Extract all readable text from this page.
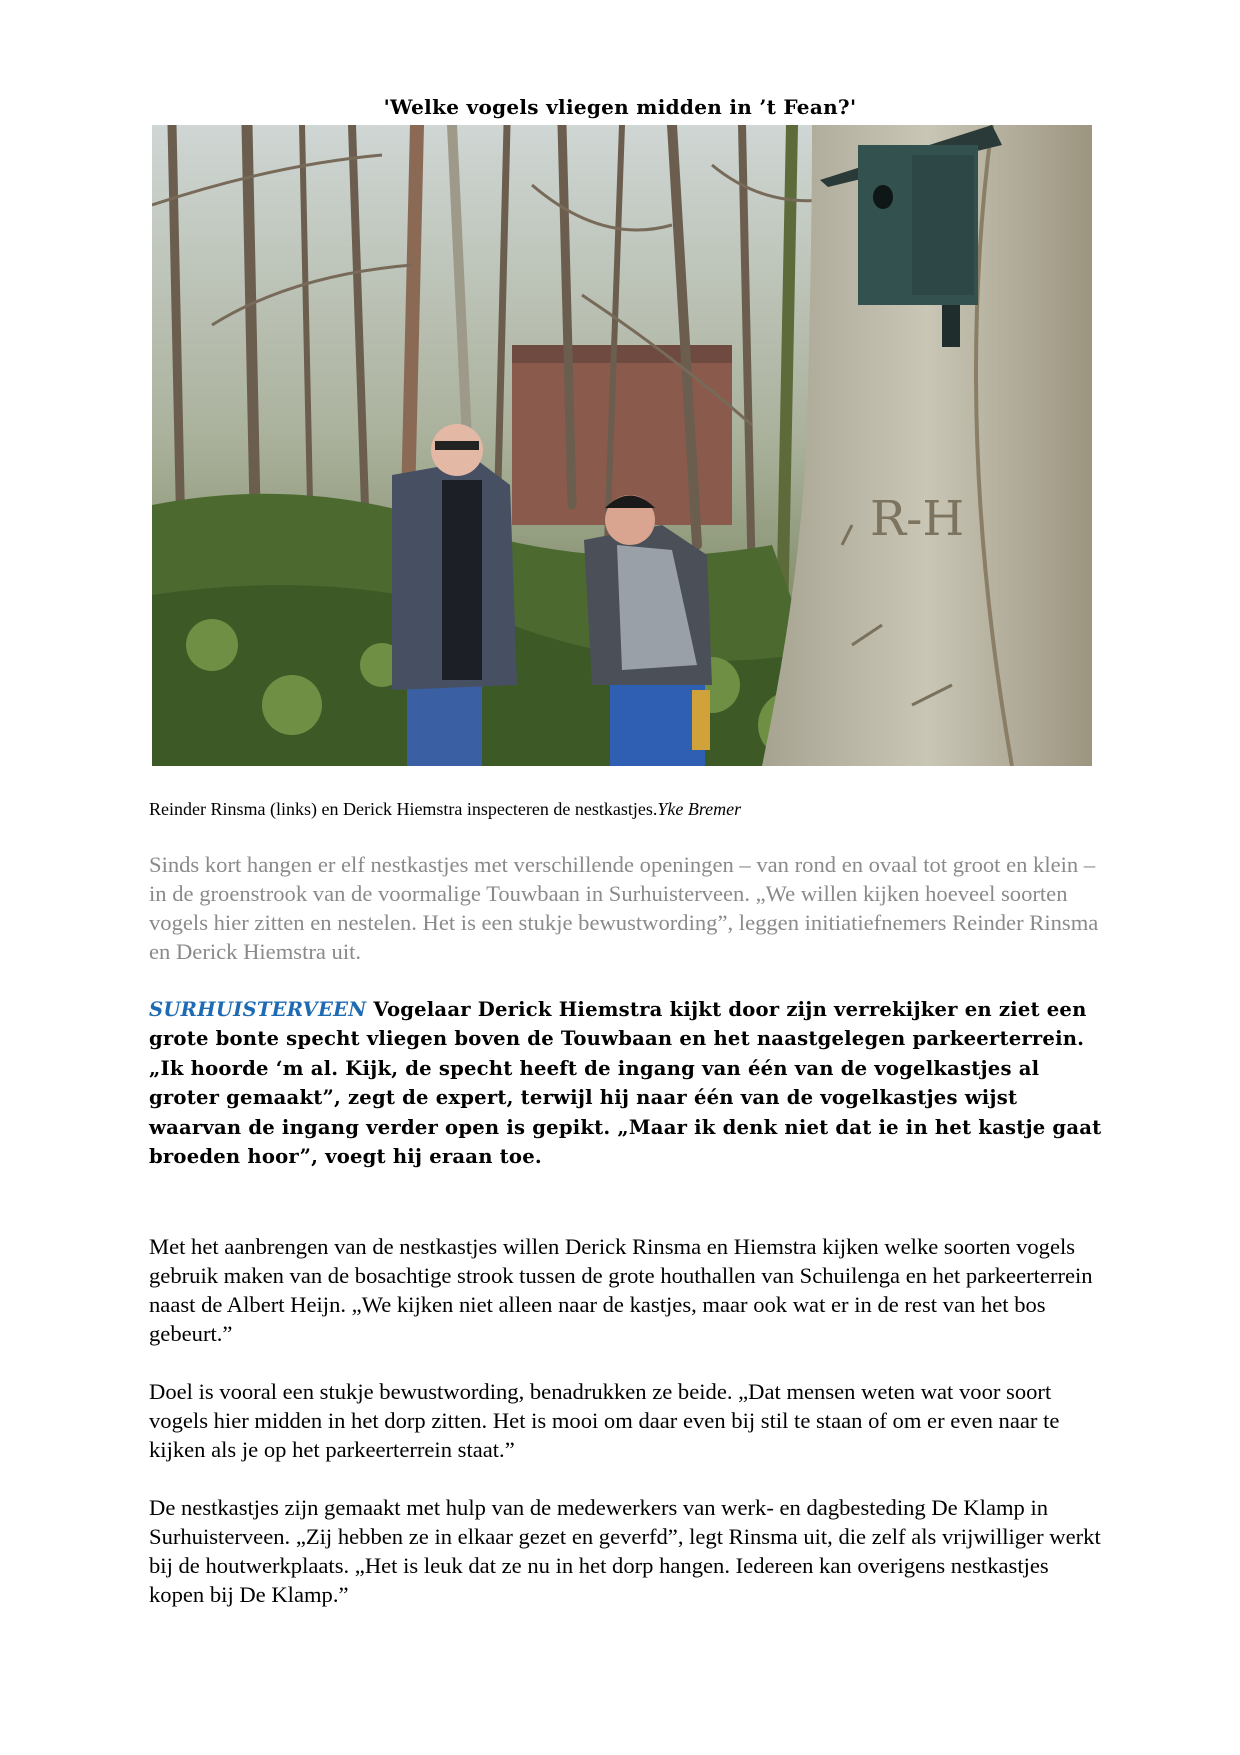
'Welke vogels vliegen midden in ’t Fean?'
R-H
Reinder Rinsma (links) en Derick Hiemstra inspecteren de nestkastjes.Yke Bremer
Sinds kort hangen er elf nestkastjes met verschillende openingen – van rond en ovaal tot groot en klein – in de groenstrook van de voormalige Touwbaan in Surhuisterveen. „We willen kijken hoeveel soorten vogels hier zitten en nestelen. Het is een stukje bewustwording”, leggen initiatiefnemers Reinder Rinsma en Derick Hiemstra uit.
SURHUISTERVEEN Vogelaar Derick Hiemstra kijkt door zijn verrekijker en ziet een grote bonte specht vliegen boven de Touwbaan en het naastgelegen parkeerterrein. „Ik hoorde ‘m al. Kijk, de specht heeft de ingang van één van de vogelkastjes al groter gemaakt”, zegt de expert, terwijl hij naar één van de vogelkastjes wijst waarvan de ingang verder open is gepikt. „Maar ik denk niet dat ie in het kastje gaat broeden hoor”, voegt hij eraan toe.
Met het aanbrengen van de nestkastjes willen Derick Rinsma en Hiemstra kijken welke soorten vogels gebruik maken van de bosachtige strook tussen de grote houthallen van Schuilenga en het parkeerterrein naast de Albert Heijn. „We kijken niet alleen naar de kastjes, maar ook wat er in de rest van het bos gebeurt.”
Doel is vooral een stukje bewustwording, benadrukken ze beide. „Dat mensen weten wat voor soort vogels hier midden in het dorp zitten. Het is mooi om daar even bij stil te staan of om er even naar te kijken als je op het parkeerterrein staat.”
De nestkastjes zijn gemaakt met hulp van de medewerkers van werk- en dagbesteding De Klamp in Surhuisterveen. „Zij hebben ze in elkaar gezet en geverfd”, legt Rinsma uit, die zelf als vrijwilliger werkt bij de houtwerkplaats. „Het is leuk dat ze nu in het dorp hangen. Iedereen kan overigens nestkastjes kopen bij De Klamp.”
